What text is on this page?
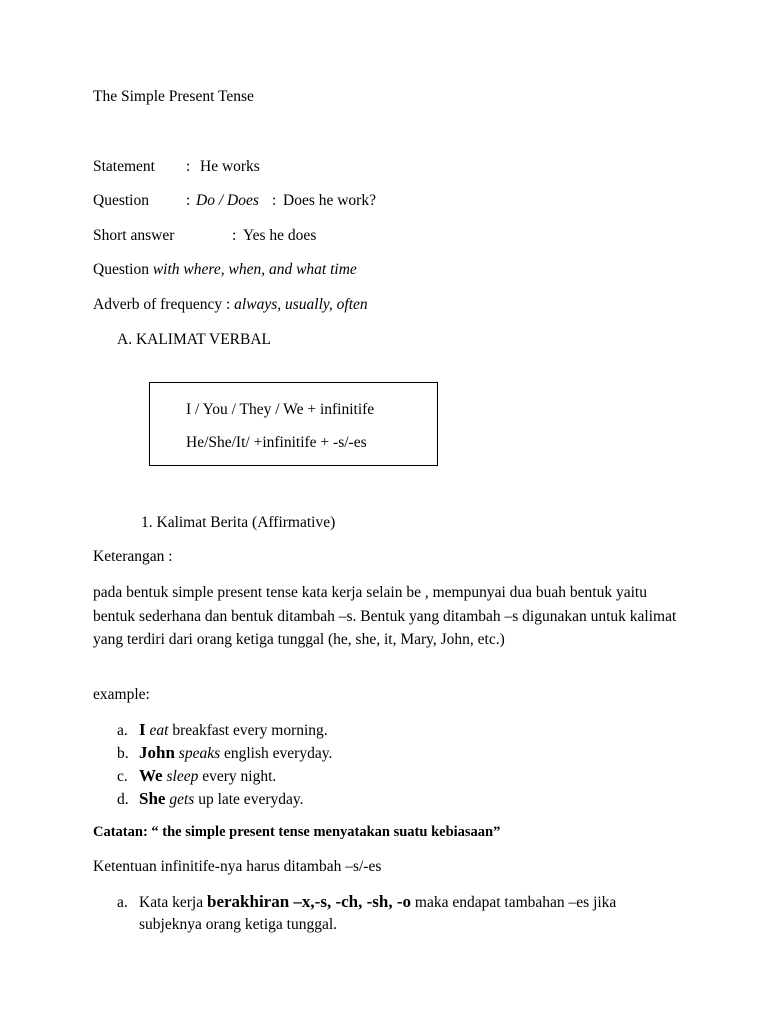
The Simple Present Tense
Statement : He works
Question : Do / Does : Does he work?
Short answer	: Yes he does
Question with where, when, and what time
Adverb of frequency : always, usually, often
A. KALIMAT VERBAL
I / You / They / We + infinitife
He/She/It/ +infinitife + -s/-es
1. Kalimat Berita (Affirmative)
Keterangan :
pada bentuk simple present tense kata kerja selain be , mempunyai dua buah bentuk yaitu bentuk sederhana dan bentuk ditambah –s. Bentuk yang ditambah –s digunakan untuk kalimat yang terdiri dari orang ketiga tunggal (he, she, it, Mary, John, etc.)
example:
a. I eat breakfast every morning.
b. John speaks english everyday.
c. We sleep every night.
d. She gets up late everyday.
Catatan: “ the simple present tense menyatakan suatu kebiasaan”
Ketentuan infinitife-nya harus ditambah –s/-es
a. Kata kerja berakhiran –x,-s, -ch, -sh, -o maka endapat tambahan –es jika
subjeknya orang ketiga tunggal.
